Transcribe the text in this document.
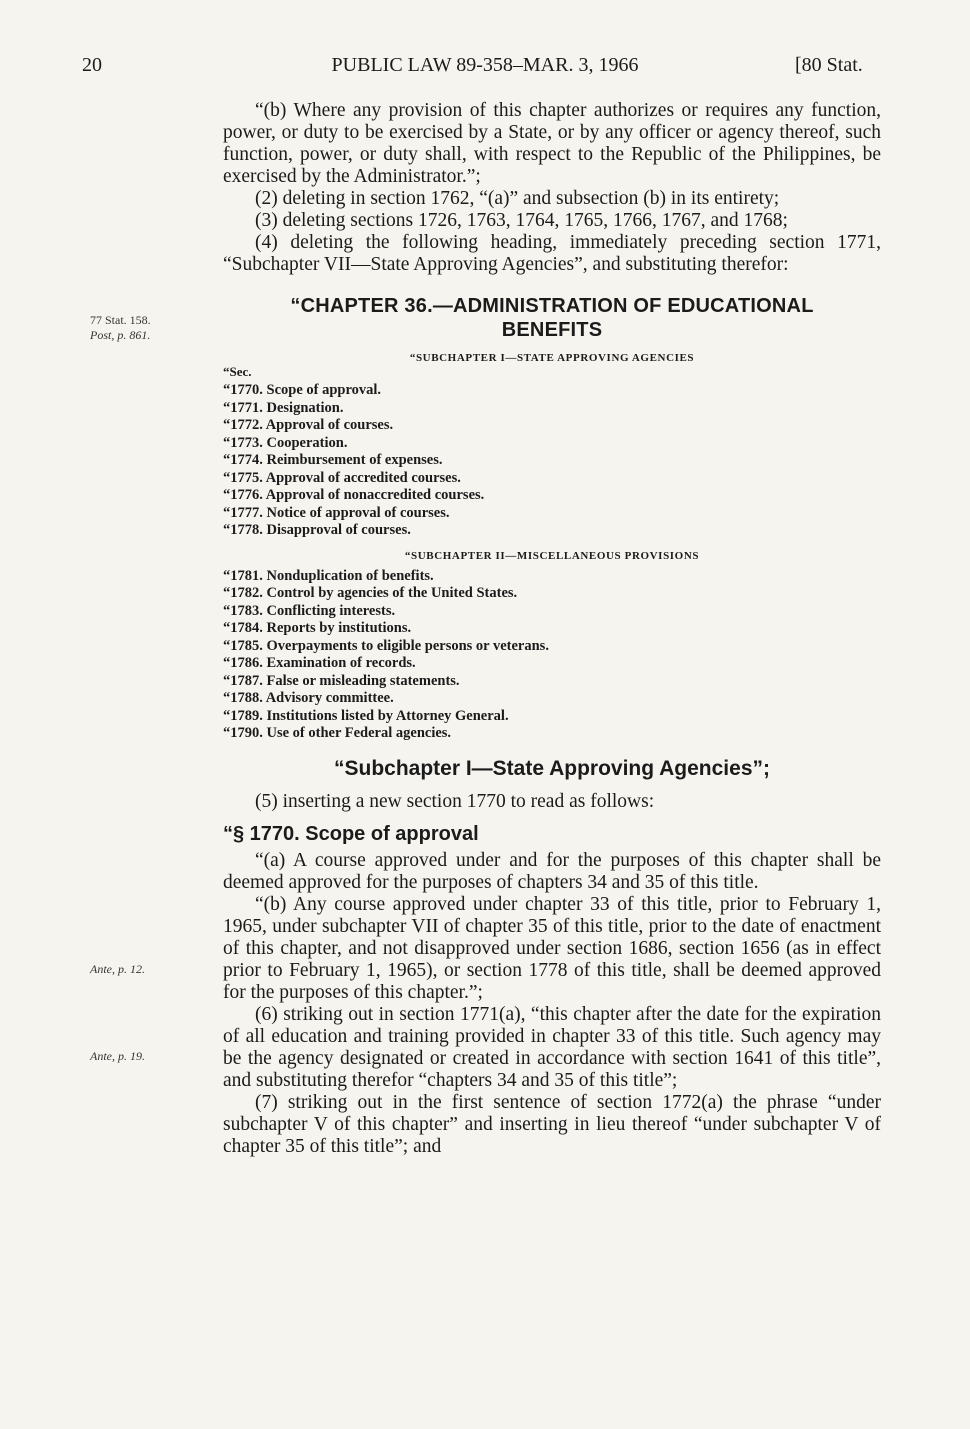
20	PUBLIC LAW 89-358–MAR. 3, 1966	[80 Stat.
77 Stat. 158.
Post, p. 861.
Ante, p. 12.
Ante, p. 19.

“(b) Where any provision of this chapter authorizes or requires any function, power, or duty to be exercised by a State, or by any officer or agency thereof, such function, power, or duty shall, with respect to the Republic of the Philippines, be exercised by the Administrator.”;

(2) deleting in section 1762, “(a)” and subsection (b) in its entirety;

(3) deleting sections 1726, 1763, 1764, 1765, 1766, 1767, and 1768;

(4) deleting the following heading, immediately preceding section 1771, “Subchapter VII—State Approving Agencies”, and substituting therefor:

“CHAPTER 36.—ADMINISTRATION OF EDUCATIONAL
BENEFITS
“SUBCHAPTER I—STATE APPROVING AGENCIES
“Sec.
“1770. Scope of approval.
“1771. Designation.
“1772. Approval of courses.
“1773. Cooperation.
“1774. Reimbursement of expenses.
“1775. Approval of accredited courses.
“1776. Approval of nonaccredited courses.
“1777. Notice of approval of courses.
“1778. Disapproval of courses.
“SUBCHAPTER II—MISCELLANEOUS PROVISIONS
“1781. Nonduplication of benefits.
“1782. Control by agencies of the United States.
“1783. Conflicting interests.
“1784. Reports by institutions.
“1785. Overpayments to eligible persons or veterans.
“1786. Examination of records.
“1787. False or misleading statements.
“1788. Advisory committee.
“1789. Institutions listed by Attorney General.
“1790. Use of other Federal agencies.
“Subchapter I—State Approving Agencies”;

(5) inserting a new section 1770 to read as follows:

“§ 1770. Scope of approval

“(a) A course approved under and for the purposes of this chapter shall be deemed approved for the purposes of chapters 34 and 35 of this title.

“(b) Any course approved under chapter 33 of this title, prior to February 1, 1965, under subchapter VII of chapter 35 of this title, prior to the date of enactment of this chapter, and not disapproved under section 1686, section 1656 (as in effect prior to February 1, 1965), or section 1778 of this title, shall be deemed approved for the purposes of this chapter.”;

(6) striking out in section 1771(a), “this chapter after the date for the expiration of all education and training provided in chapter 33 of this title. Such agency may be the agency designated or created in accordance with section 1641 of this title”, and substituting therefor “chapters 34 and 35 of this title”;

(7) striking out in the first sentence of section 1772(a) the phrase “under subchapter V of this chapter” and inserting in lieu thereof “under subchapter V of chapter 35 of this title”; and
